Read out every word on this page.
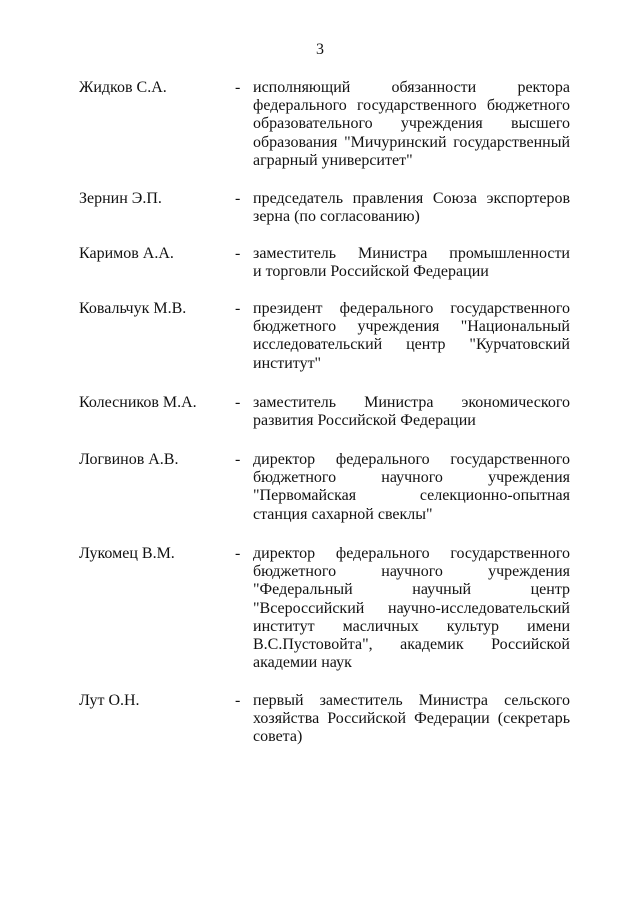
3
Жидков С.А.	- исполняющий обязанности ректора
федерального государственного бюджетного
образовательного учреждения высшего
образования "Мичуринский государственный
аграрный университет"
Зернин Э.П.	- председатель правления Союза экспортеров
зерна (по согласованию)
Каримов А.А.	- заместитель Министра промышленности
и торговли Российской Федерации
Ковальчук М.В.	- президент федерального государственного
бюджетного учреждения "Национальный
исследовательский центр "Курчатовский
институт"
Колесников М.А. - заместитель Министра экономического
развития Российской Федерации
Логвинов А.В.	- директор федерального государственного
бюджетного научного учреждения
"Первомайская селекционно-опытная
станция сахарной свеклы"
Лукомец В.М.	- директор федерального государственного
бюджетного научного учреждения
"Федеральный научный центр
"Всероссийский научно-исследовательский
институт масличных культур имени
В.С.Пустовойта", академик Российской
академии наук
Лут О.Н.	- первый заместитель Министра сельского
хозяйства Российской Федерации (секретарь
совета)
